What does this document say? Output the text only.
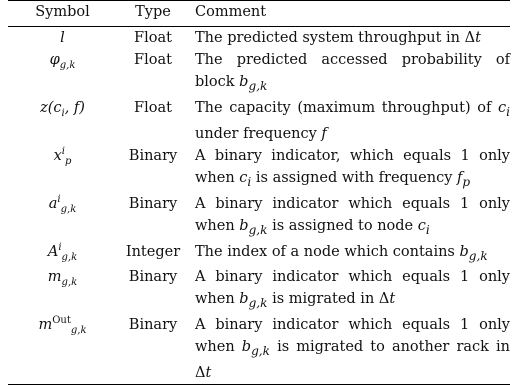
Symbol	Type	Comment
l	Float	The predicted system throughput in Δt
$\varphi_{g,k}$	Float	The predicted accessed probability of block $b_{g,k}$
$z(c_i$, f)	Float	The capacity (maximum throughput) of $c_i$ under frequency f
$x^i_p$	Binary	A binary indicator, which equals 1 only when $c_i$ is assigned with frequency $f_p$
$a^i_{g,k}$	Binary	A binary indicator which equals 1 only when $b_{g,k}$ is assigned to node $c_i$
$A^i_{g,k}$	Integer	The index of a node which contains $b_{g,k}$
$m_{g,k}$	Binary	A binary indicator which equals 1 only when $b_{g,k}$ is migrated in Δt
$m^{Out}_{g,k}$	Binary	A binary indicator which equals 1 only when $b_{g,k}$ is migrated to another rack in Δt
